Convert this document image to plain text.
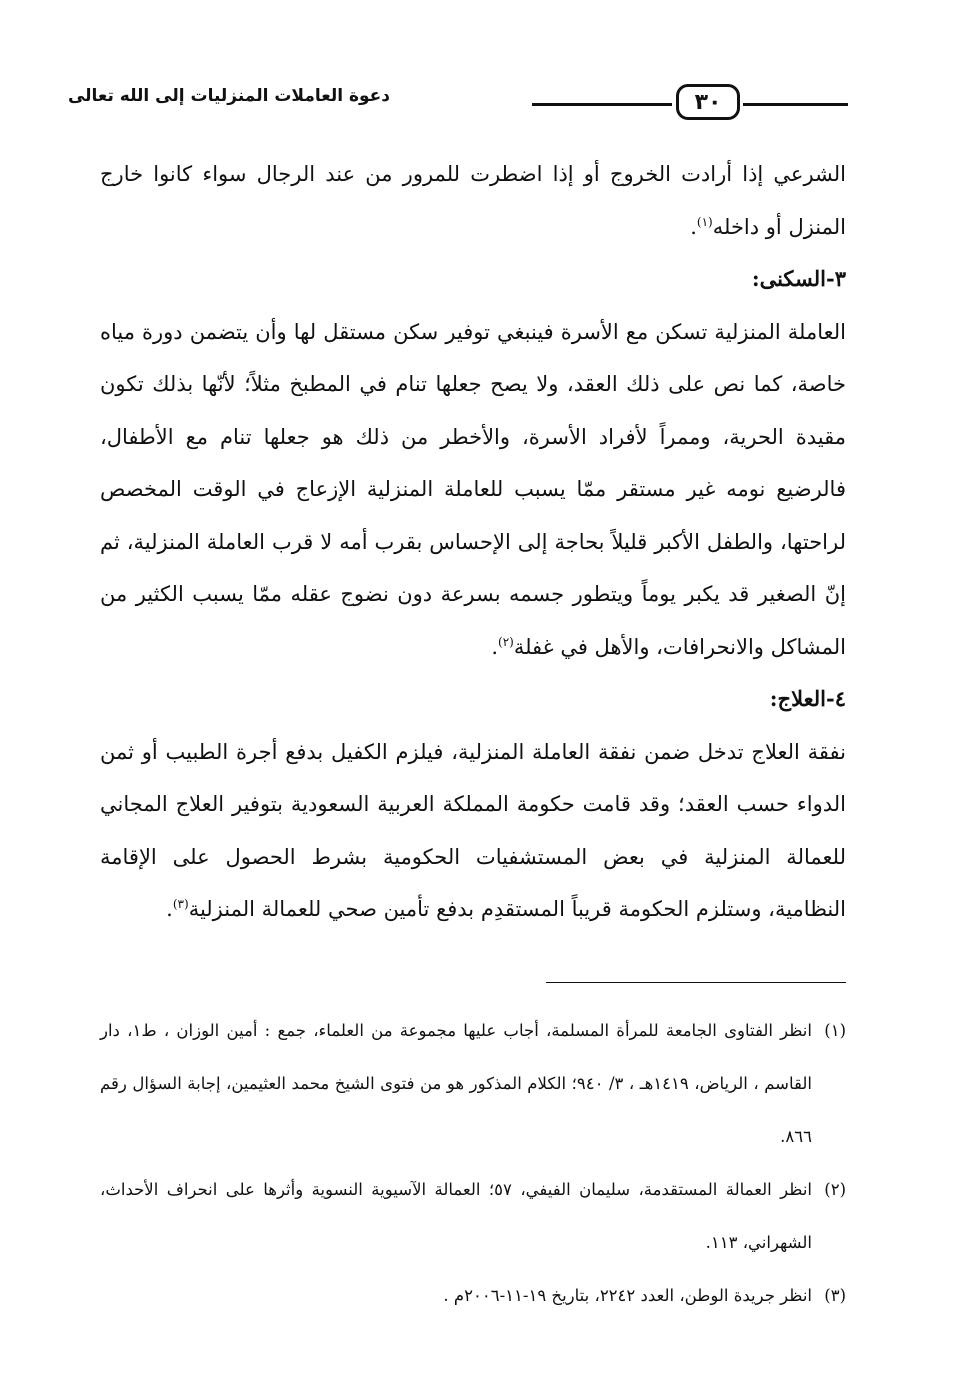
٣٠
دعوة العاملات المنزليات إلى الله تعالى

الشرعي إذا أرادت الخروج أو إذا اضطرت للمرور من عند الرجال سواء كانوا خارج المنزل أو داخله$^{(١)}$.

٣-السكنى:

العاملة المنزلية تسكن مع الأسرة فينبغي توفير سكن مستقل لها وأن يتضمن دورة مياه خاصة، كما نص على ذلك العقد، ولا يصح جعلها تنام في المطبخ مثلاً؛ لأنّها بذلك تكون مقيدة الحرية، وممراً لأفراد الأسرة، والأخطر من ذلك هو جعلها تنام مع الأطفال، فالرضيع نومه غير مستقر ممّا يسبب للعاملة المنزلية الإزعاج في الوقت المخصص لراحتها، والطفل الأكبر قليلاً بحاجة إلى الإحساس بقرب أمه لا قرب العاملة المنزلية، ثم إنّ الصغير قد يكبر يوماً ويتطور جسمه بسرعة دون نضوج عقله ممّا يسبب الكثير من المشاكل والانحرافات، والأهل في غفلة$^{(٢)}$.

٤-العلاج:

نفقة العلاج تدخل ضمن نفقة العاملة المنزلية، فيلزم الكفيل بدفع أجرة الطبيب أو ثمن الدواء حسب العقد؛ وقد قامت حكومة المملكة العربية السعودية بتوفير العلاج المجاني للعمالة المنزلية في بعض المستشفيات الحكومية بشرط الحصول على الإقامة النظامية، وستلزم الحكومة قريباً المستقدِم بدفع تأمين صحي للعمالة المنزلية$^{(٣)}$.

(١)
انظر الفتاوى الجامعة للمرأة المسلمة، أجاب عليها مجموعة من العلماء، جمع : أمين الوزان ، ط١، دار القاسم ، الرياض، ١٤١٩هـ ، ٣/ ٩٤٠؛ الكلام المذكور هو من فتوى الشيخ محمد العثيمين، إجابة السؤال رقم ٨٦٦.

(٢)
انظر العمالة المستقدمة، سليمان الفيفي، ٥٧؛ العمالة الآسيوية النسوية وأثرها على انحراف الأحداث، الشهراني، ١١٣.

(٣)
انظر جريدة الوطن، العدد ٢٢٤٢، بتاريخ ١٩-١١-٢٠٠٦م .
